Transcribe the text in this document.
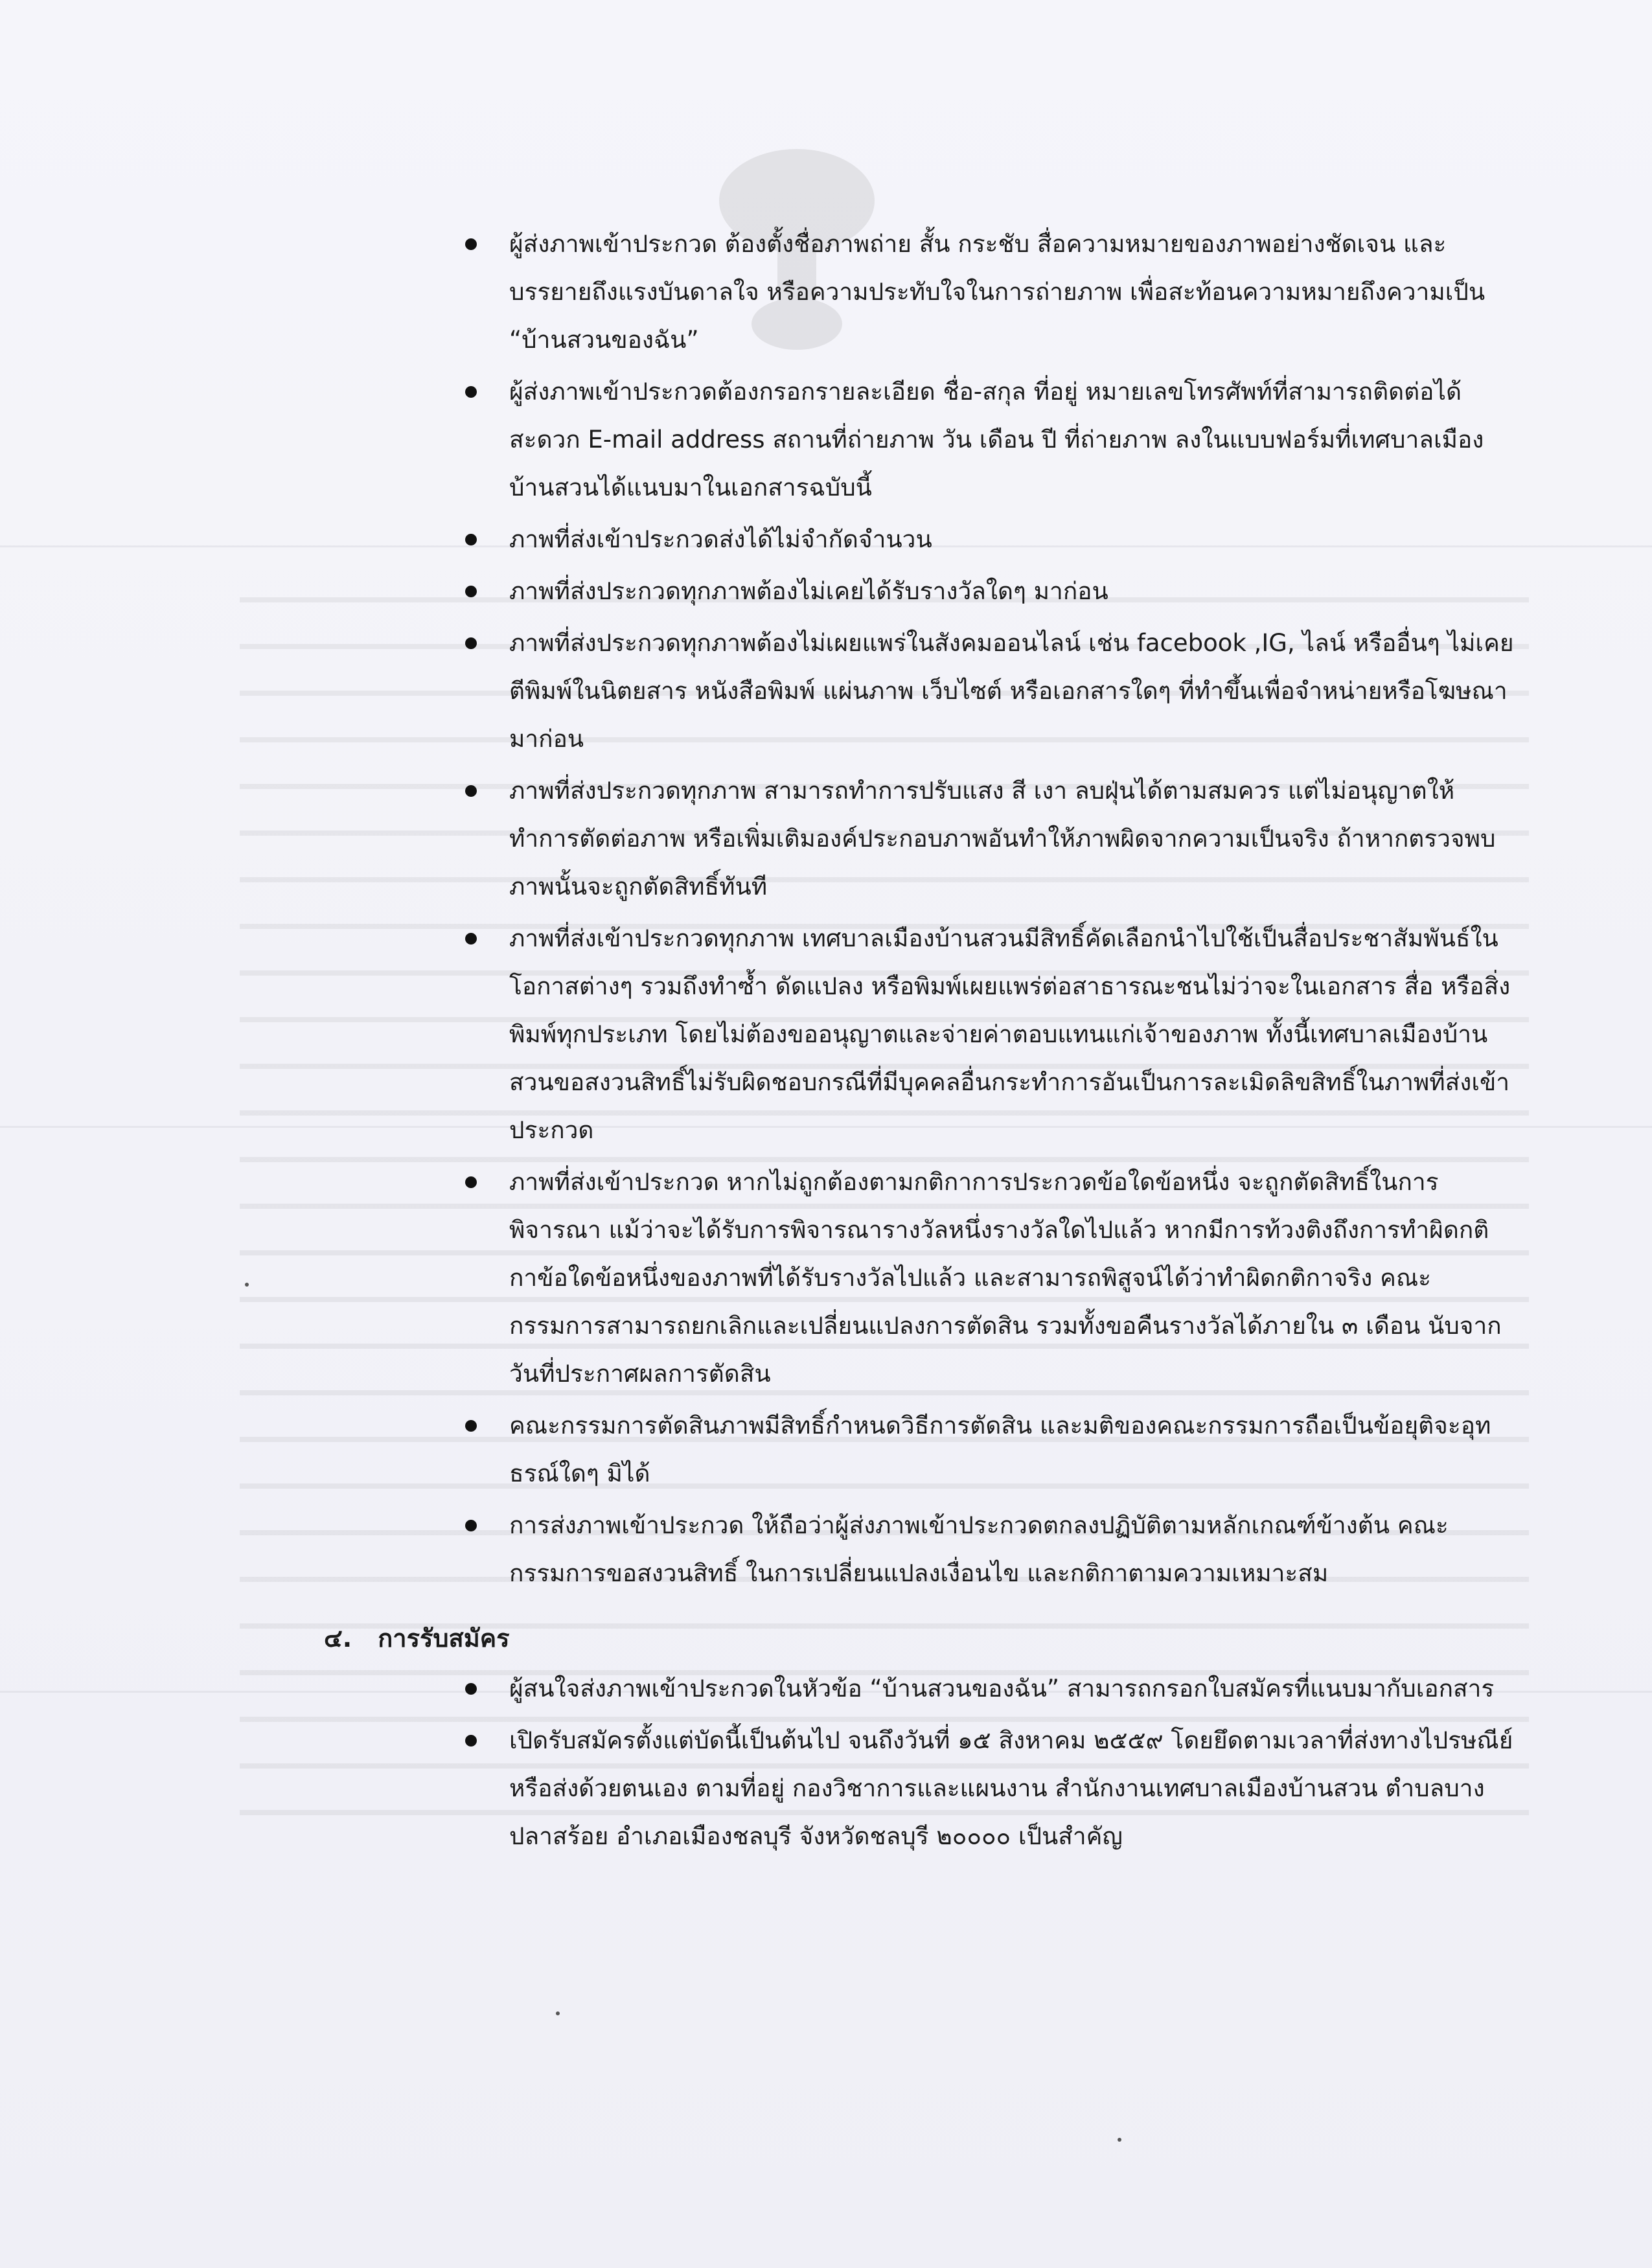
ผู้ส่งภาพเข้าประกวด ต้องตั้งชื่อภาพถ่าย สั้น กระชับ สื่อความหมายของภาพอย่างชัดเจน และบรรยายถึงแรงบันดาลใจ หรือความประทับใจในการถ่ายภาพ เพื่อสะท้อนความหมายถึงความเป็น “บ้านสวนของฉัน”
ผู้ส่งภาพเข้าประกวดต้องกรอกรายละเอียด ชื่อ-สกุล ที่อยู่ หมายเลขโทรศัพท์ที่สามารถติดต่อได้สะดวก E-mail address สถานที่ถ่ายภาพ วัน เดือน ปี ที่ถ่ายภาพ ลงในแบบฟอร์มที่เทศบาลเมืองบ้านสวนได้แนบมาในเอกสารฉบับนี้
ภาพที่ส่งเข้าประกวดส่งได้ไม่จำกัดจำนวน
ภาพที่ส่งประกวดทุกภาพต้องไม่เคยได้รับรางวัลใดๆ มาก่อน
ภาพที่ส่งประกวดทุกภาพต้องไม่เผยแพร่ในสังคมออนไลน์ เช่น facebook ,IG, ไลน์ หรืออื่นๆ ไม่เคยตีพิมพ์ในนิตยสาร หนังสือพิมพ์ แผ่นภาพ เว็บไซต์ หรือเอกสารใดๆ ที่ทำขึ้นเพื่อจำหน่ายหรือโฆษณามาก่อน
ภาพที่ส่งประกวดทุกภาพ สามารถทำการปรับแสง สี เงา ลบฝุ่นได้ตามสมควร แต่ไม่อนุญาตให้ทำการตัดต่อภาพ หรือเพิ่มเติมองค์ประกอบภาพอันทำให้ภาพผิดจากความเป็นจริง ถ้าหากตรวจพบภาพนั้นจะถูกตัดสิทธิ์ทันที
ภาพที่ส่งเข้าประกวดทุกภาพ เทศบาลเมืองบ้านสวนมีสิทธิ์คัดเลือกนำไปใช้เป็นสื่อประชาสัมพันธ์ในโอกาสต่างๆ รวมถึงทำซ้ำ ดัดแปลง หรือพิมพ์เผยแพร่ต่อสาธารณะชนไม่ว่าจะในเอกสาร สื่อ หรือสิ่งพิมพ์ทุกประเภท โดยไม่ต้องขออนุญาตและจ่ายค่าตอบแทนแก่เจ้าของภาพ ทั้งนี้เทศบาลเมืองบ้านสวนขอสงวนสิทธิ์ไม่รับผิดชอบกรณีที่มีบุคคลอื่นกระทำการอันเป็นการละเมิดลิขสิทธิ์ในภาพที่ส่งเข้าประกวด
ภาพที่ส่งเข้าประกวด หากไม่ถูกต้องตามกติกาการประกวดข้อใดข้อหนึ่ง จะถูกตัดสิทธิ์ในการพิจารณา แม้ว่าจะได้รับการพิจารณารางวัลหนึ่งรางวัลใดไปแล้ว หากมีการท้วงติงถึงการทำผิดกติกาข้อใดข้อหนึ่งของภาพที่ได้รับรางวัลไปแล้ว และสามารถพิสูจน์ได้ว่าทำผิดกติกาจริง คณะกรรมการสามารถยกเลิกและเปลี่ยนแปลงการตัดสิน รวมทั้งขอคืนรางวัลได้ภายใน ๓ เดือน นับจากวันที่ประกาศผลการตัดสิน
คณะกรรมการตัดสินภาพมีสิทธิ์กำหนดวิธีการตัดสิน และมติของคณะกรรมการถือเป็นข้อยุติจะอุทธรณ์ใดๆ มิได้
การส่งภาพเข้าประกวด ให้ถือว่าผู้ส่งภาพเข้าประกวดตกลงปฏิบัติตามหลักเกณฑ์ข้างต้น คณะกรรมการขอสงวนสิทธิ์ ในการเปลี่ยนแปลงเงื่อนไข และกติกาตามความเหมาะสม
๔. การรับสมัคร
ผู้สนใจส่งภาพเข้าประกวดในหัวข้อ “บ้านสวนของฉัน” สามารถกรอกใบสมัครที่แนบมากับเอกสาร
เปิดรับสมัครตั้งแต่บัดนี้เป็นต้นไป จนถึงวันที่ ๑๕ สิงหาคม ๒๕๕๙ โดยยึดตามเวลาที่ส่งทางไปรษณีย์หรือส่งด้วยตนเอง ตามที่อยู่ กองวิชาการและแผนงาน สำนักงานเทศบาลเมืองบ้านสวน ตำบลบางปลาสร้อย อำเภอเมืองชลบุรี จังหวัดชลบุรี ๒๐๐๐๐ เป็นสำคัญ
